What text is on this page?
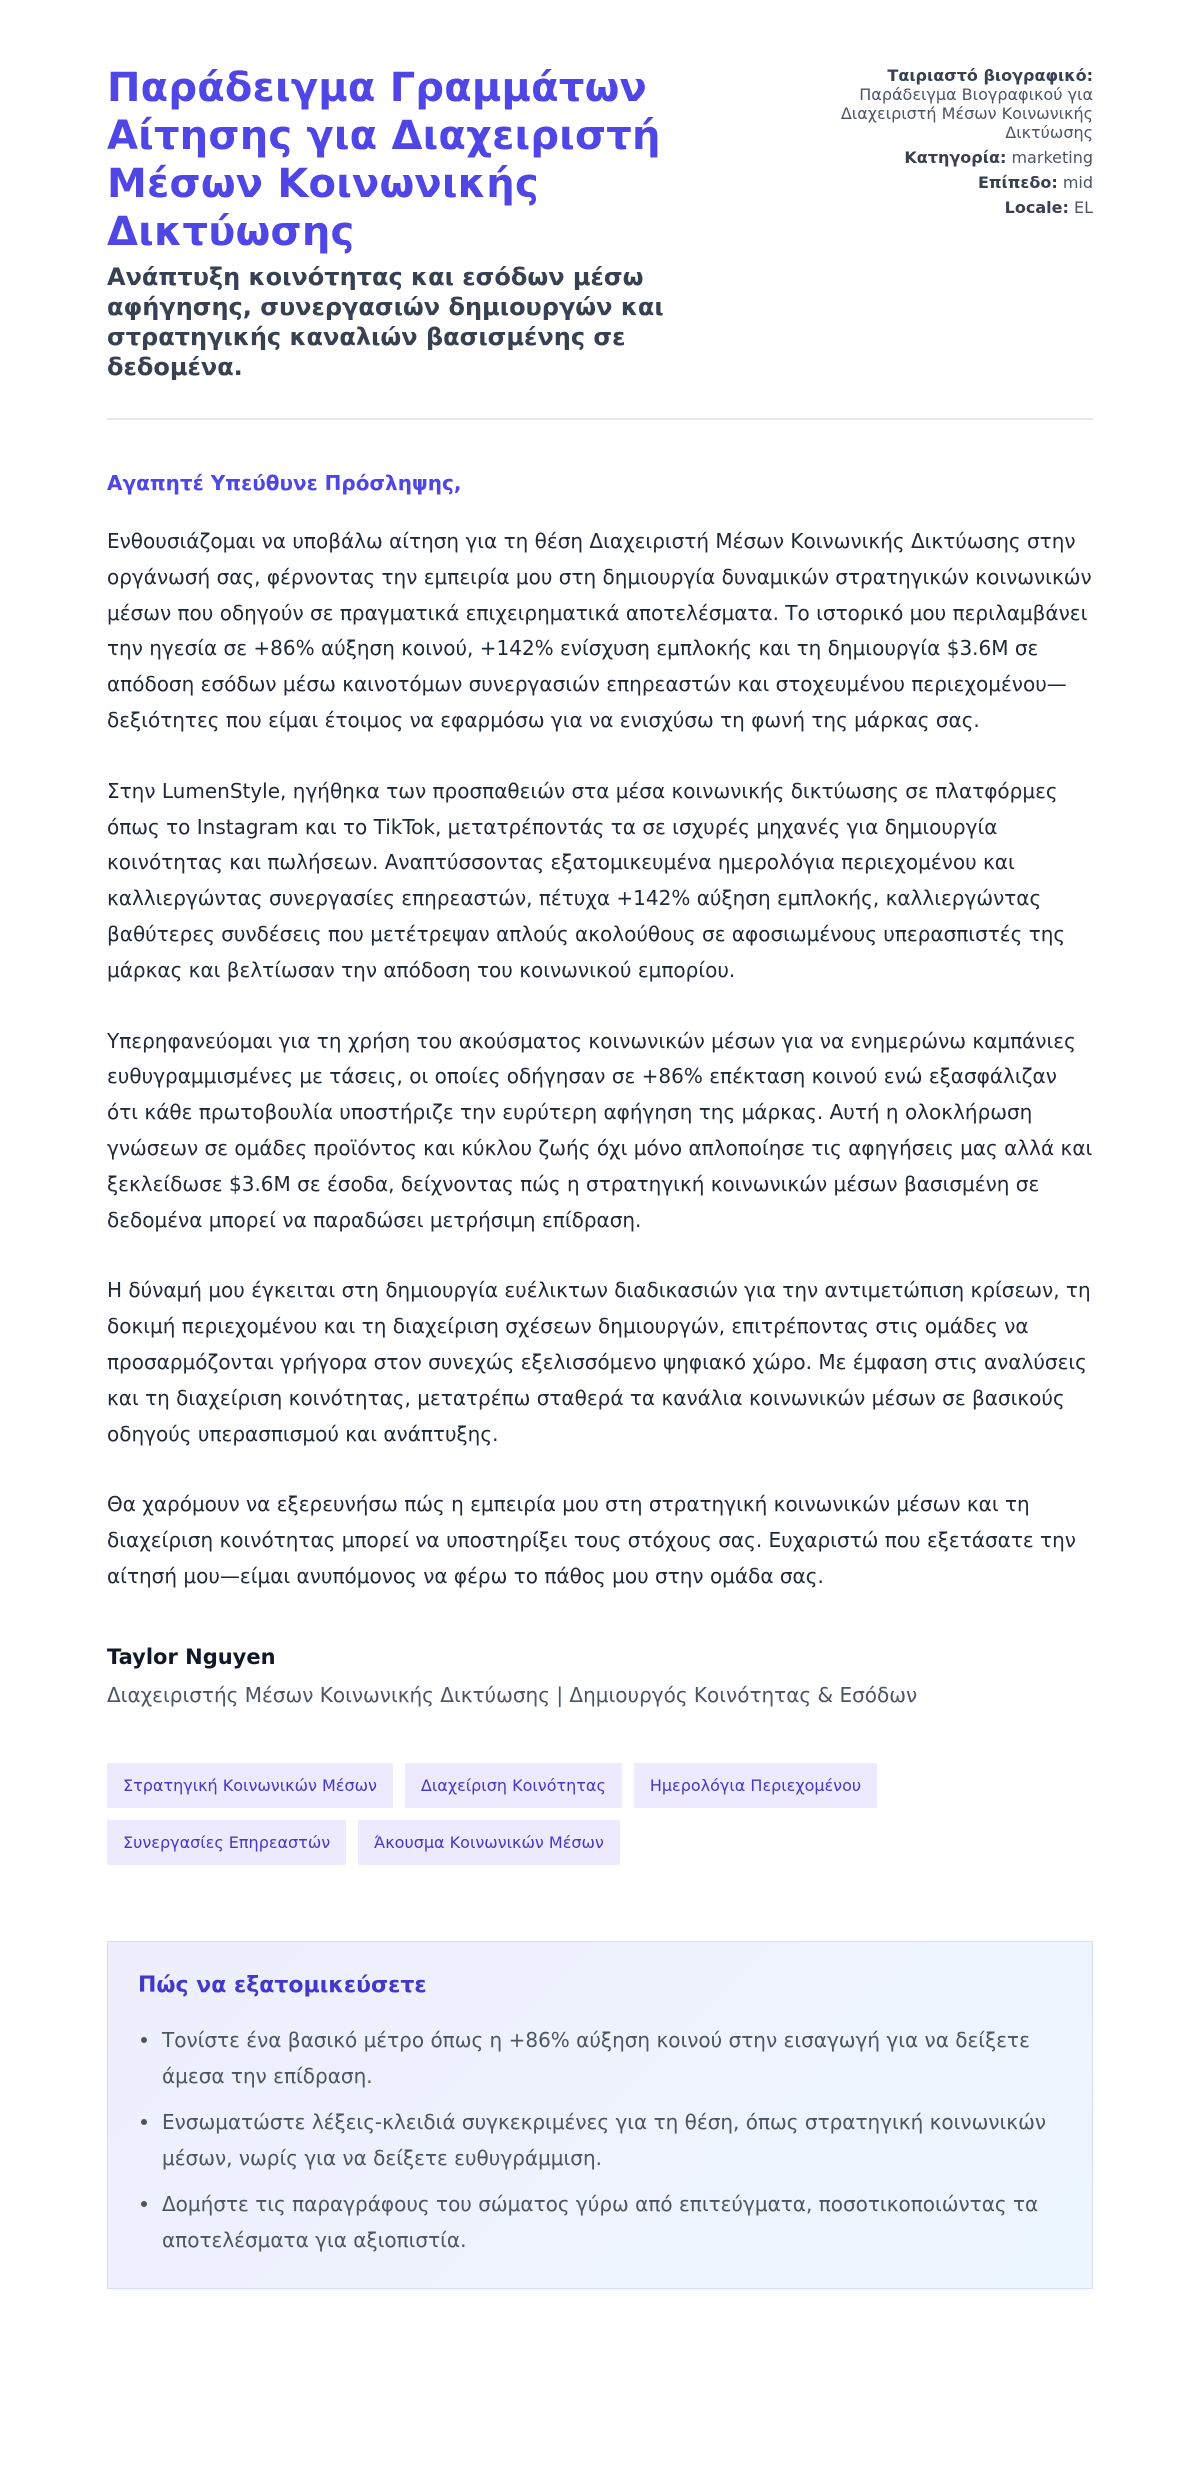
Παράδειγμα Γραμμάτων Αίτησης για Διαχειριστή Μέσων Κοινωνικής Δικτύωσης
Ανάπτυξη κοινότητας και εσόδων μέσω αφήγησης, συνεργασιών δημιουργών και στρατηγικής καναλιών βασισμένης σε δεδομένα.
Ταιριαστό βιογραφικό:
Παράδειγμα Βιογραφικού για Διαχειριστή Μέσων Κοινωνικής Δικτύωσης
Κατηγορία: marketing
Επίπεδο: mid
Locale: EL

Αγαπητέ Υπεύθυνε Πρόσληψης,

Ενθουσιάζομαι να υποβάλω αίτηση για τη θέση Διαχειριστή Μέσων Κοινωνικής Δικτύωσης στην οργάνωσή σας, φέρνοντας την εμπειρία μου στη δημιουργία δυναμικών στρατηγικών κοινωνικών μέσων που οδηγούν σε πραγματικά επιχειρηματικά αποτελέσματα. Το ιστορικό μου περιλαμβάνει την ηγεσία σε +86% αύξηση κοινού, +142% ενίσχυση εμπλοκής και τη δημιουργία $3.6M σε απόδοση εσόδων μέσω καινοτόμων συνεργασιών επηρεαστών και στοχευμένου περιεχομένου—δεξιότητες που είμαι έτοιμος να εφαρμόσω για να ενισχύσω τη φωνή της μάρκας σας.

Στην LumenStyle, ηγήθηκα των προσπαθειών στα μέσα κοινωνικής δικτύωσης σε πλατφόρμες όπως το Instagram και το TikTok, μετατρέποντάς τα σε ισχυρές μηχανές για δημιουργία κοινότητας και πωλήσεων. Αναπτύσσοντας εξατομικευμένα ημερολόγια περιεχομένου και καλλιεργώντας συνεργασίες επηρεαστών, πέτυχα +142% αύξηση εμπλοκής, καλλιεργώντας βαθύτερες συνδέσεις που μετέτρεψαν απλούς ακολούθους σε αφοσιωμένους υπερασπιστές της μάρκας και βελτίωσαν την απόδοση του κοινωνικού εμπορίου.

Υπερηφανεύομαι για τη χρήση του ακούσματος κοινωνικών μέσων για να ενημερώνω καμπάνιες ευθυγραμμισμένες με τάσεις, οι οποίες οδήγησαν σε +86% επέκταση κοινού ενώ εξασφάλιζαν ότι κάθε πρωτοβουλία υποστήριζε την ευρύτερη αφήγηση της μάρκας. Αυτή η ολοκλήρωση γνώσεων σε ομάδες προϊόντος και κύκλου ζωής όχι μόνο απλοποίησε τις αφηγήσεις μας αλλά και ξεκλείδωσε $3.6M σε έσοδα, δείχνοντας πώς η στρατηγική κοινωνικών μέσων βασισμένη σε δεδομένα μπορεί να παραδώσει μετρήσιμη επίδραση.

Η δύναμή μου έγκειται στη δημιουργία ευέλικτων διαδικασιών για την αντιμετώπιση κρίσεων, τη δοκιμή περιεχομένου και τη διαχείριση σχέσεων δημιουργών, επιτρέποντας στις ομάδες να προσαρμόζονται γρήγορα στον συνεχώς εξελισσόμενο ψηφιακό χώρο. Με έμφαση στις αναλύσεις και τη διαχείριση κοινότητας, μετατρέπω σταθερά τα κανάλια κοινωνικών μέσων σε βασικούς οδηγούς υπερασπισμού και ανάπτυξης.

Θα χαρόμουν να εξερευνήσω πώς η εμπειρία μου στη στρατηγική κοινωνικών μέσων και τη διαχείριση κοινότητας μπορεί να υποστηρίξει τους στόχους σας. Ευχαριστώ που εξετάσατε την αίτησή μου—είμαι ανυπόμονος να φέρω το πάθος μου στην ομάδα σας.

Taylor Nguyen
Διαχειριστής Μέσων Κοινωνικής Δικτύωσης | Δημιουργός Κοινότητας & Εσόδων
Στρατηγική Κοινωνικών Μέσων	Διαχείριση Κοινότητας	Ημερολόγια Περιεχομένου
Συνεργασίες Επηρεαστών	Άκουσμα Κοινωνικών Μέσων
Πώς να εξατομικεύσετε
Τονίστε ένα βασικό μέτρο όπως η +86% αύξηση κοινού στην εισαγωγή για να δείξετε άμεσα την επίδραση.
Ενσωματώστε λέξεις-κλειδιά συγκεκριμένες για τη θέση, όπως στρατηγική κοινωνικών μέσων, νωρίς για να δείξετε ευθυγράμμιση.
Δομήστε τις παραγράφους του σώματος γύρω από επιτεύγματα, ποσοτικοποιώντας τα αποτελέσματα για αξιοπιστία.
